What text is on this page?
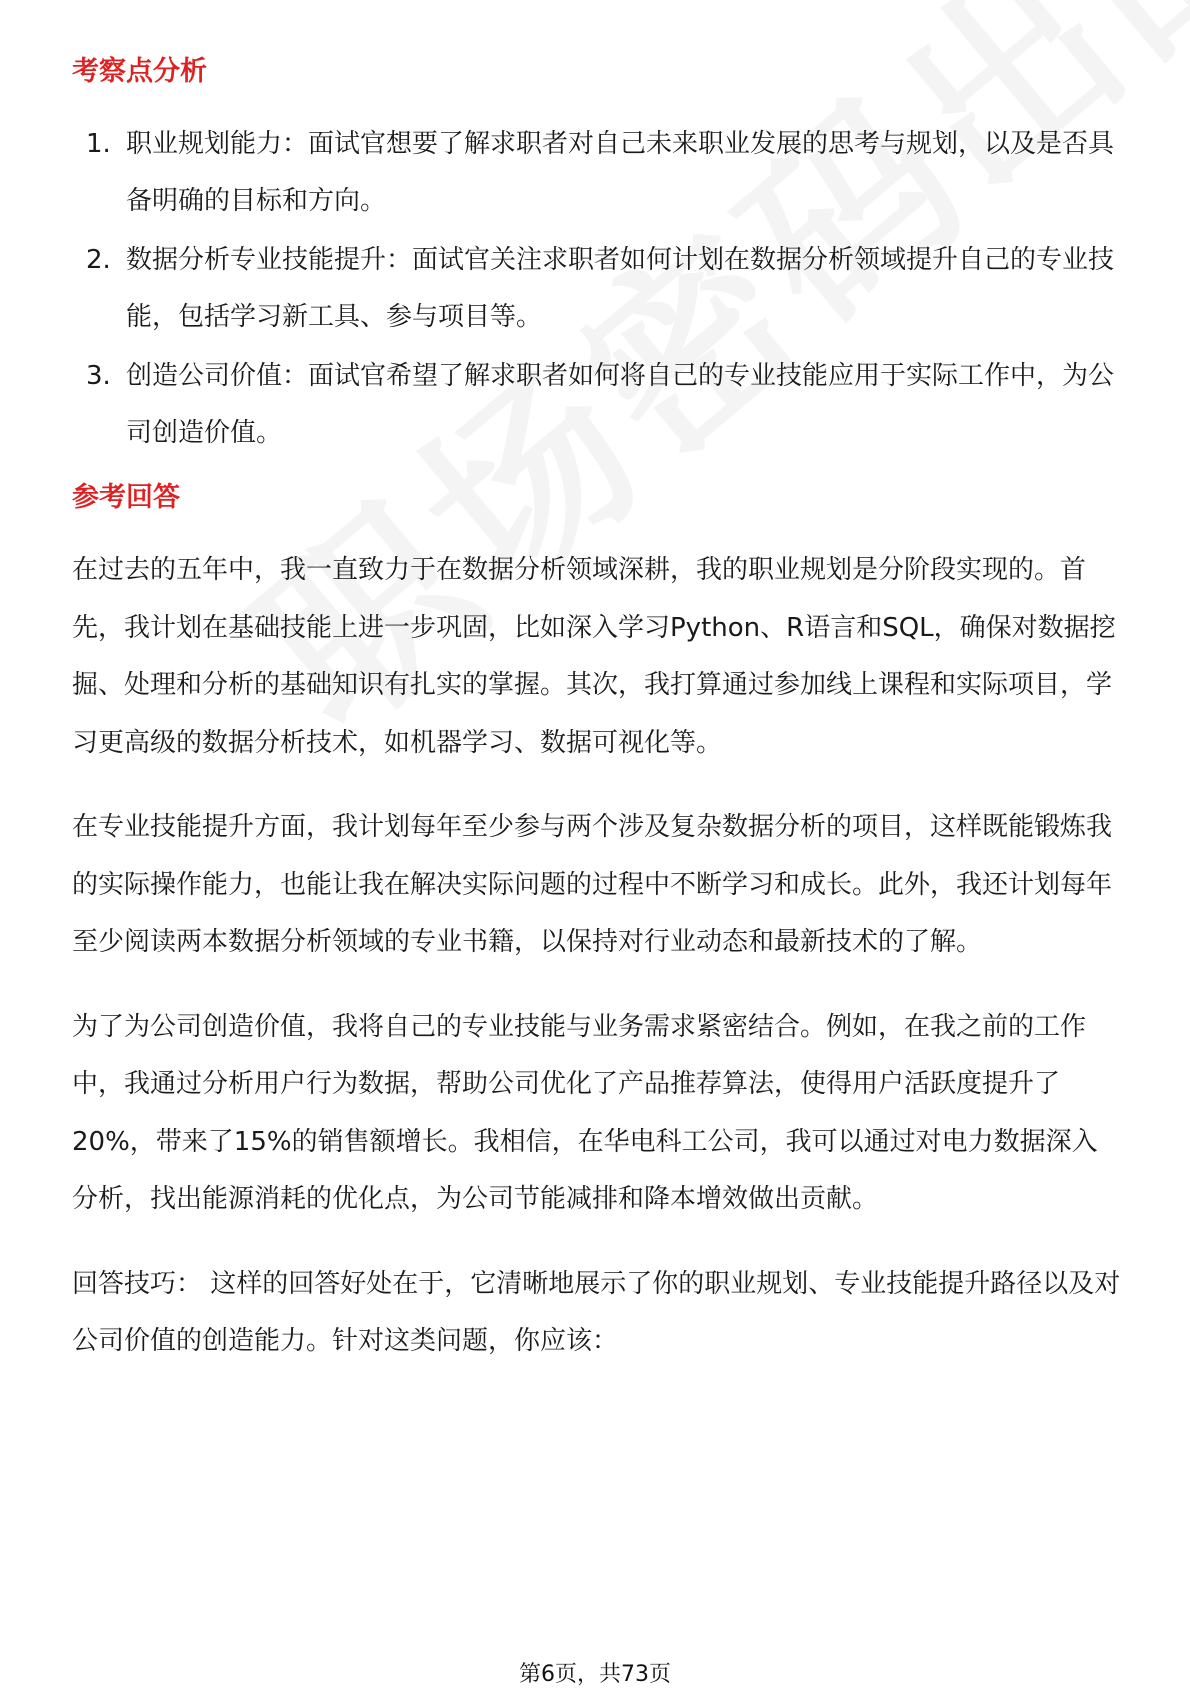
考察点分析
1. 职业规划能力：面试官想要了解求职者对自己未来职业发展的思考与规划，以及是否具备明确的目标和方向。
2. 数据分析专业技能提升：面试官关注求职者如何计划在数据分析领域提升自己的专业技能，包括学习新工具、参与项目等。
3. 创造公司价值：面试官希望了解求职者如何将自己的专业技能应用于实际工作中，为公司创造价值。
参考回答

在过去的五年中，我一直致力于在数据分析领域深耕，我的职业规划是分阶段实现的。首先，我计划在基础技能上进一步巩固，比如深入学习Python、R语言和SQL，确保对数据挖掘、处理和分析的基础知识有扎实的掌握。其次，我打算通过参加线上课程和实际项目，学习更高级的数据分析技术，如机器学习、数据可视化等。

在专业技能提升方面，我计划每年至少参与两个涉及复杂数据分析的项目，这样既能锻炼我的实际操作能力，也能让我在解决实际问题的过程中不断学习和成长。此外，我还计划每年至少阅读两本数据分析领域的专业书籍，以保持对行业动态和最新技术的了解。

为了为公司创造价值，我将自己的专业技能与业务需求紧密结合。例如，在我之前的工作中，我通过分析用户行为数据，帮助公司优化了产品推荐算法，使得用户活跃度提升了20%，带来了15%的销售额增长。我相信，在华电科工公司，我可以通过对电力数据深入分析，找出能源消耗的优化点，为公司节能减排和降本增效做出贡献。

回答技巧： 这样的回答好处在于，它清晰地展示了你的职业规划、专业技能提升路径以及对公司价值的创造能力。针对这类问题，你应该：

第6页，共73页
